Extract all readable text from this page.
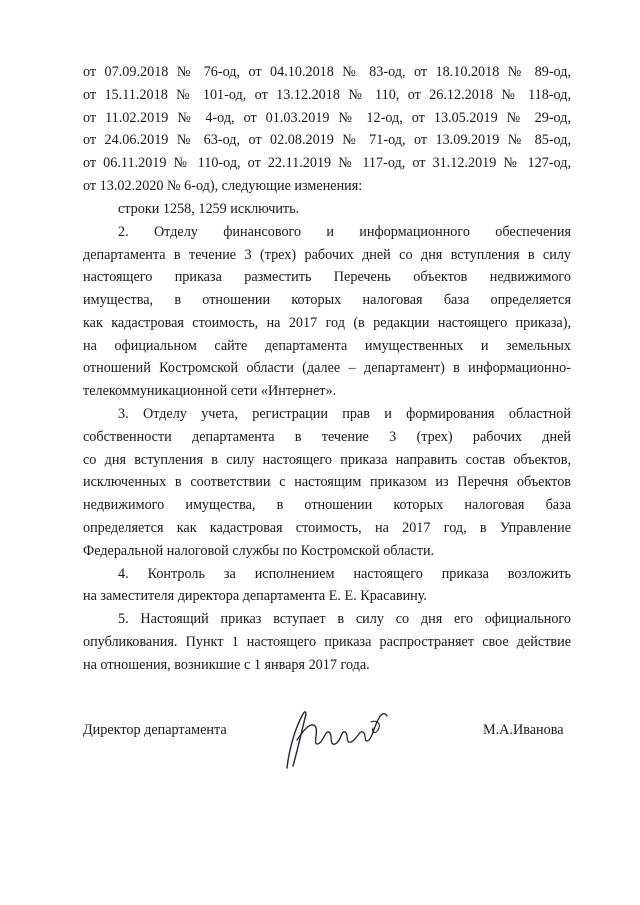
от 07.09.2018 № 76-од, от 04.10.2018 № 83-од, от 18.10.2018 № 89-од,
от 15.11.2018 № 101-од, от 13.12.2018 № 110, от 26.12.2018 № 118-од,
от 11.02.2019 № 4-од, от 01.03.2019 № 12-од, от 13.05.2019 № 29-од,
от 24.06.2019 № 63-од, от 02.08.2019 № 71-од, от 13.09.2019 № 85-од,
от 06.11.2019 № 110-од, от 22.11.2019 № 117-од, от 31.12.2019 № 127-од,
от 13.02.2020 № 6-од), следующие изменения:
строки 1258, 1259 исключить.
2. Отделу финансового и информационного обеспечения
департамента в течение 3 (трех) рабочих дней со дня вступления в силу
настоящего приказа разместить Перечень объектов недвижимого
имущества, в отношении которых налоговая база определяется
как кадастровая стоимость, на 2017 год (в редакции настоящего приказа),
на официальном сайте департамента имущественных и земельных
отношений Костромской области (далее – департамент) в информационно-
телекоммуникационной сети «Интернет».
3. Отделу учета, регистрации прав и формирования областной
собственности департамента в течение 3 (трех) рабочих дней
со дня вступления в силу настоящего приказа направить состав объектов,
исключенных в соответствии с настоящим приказом из Перечня объектов
недвижимого имущества, в отношении которых налоговая база
определяется как кадастровая стоимость, на 2017 год, в Управление
Федеральной налоговой службы по Костромской области.
4. Контроль за исполнением настоящего приказа возложить
на заместителя директора департамента Е. Е. Красавину.
5. Настоящий приказ вступает в силу со дня его официального
опубликования. Пункт 1 настоящего приказа распространяет свое действие
на отношения, возникшие с 1 января 2017 года.
Директор департамента	М.А.Иванова
